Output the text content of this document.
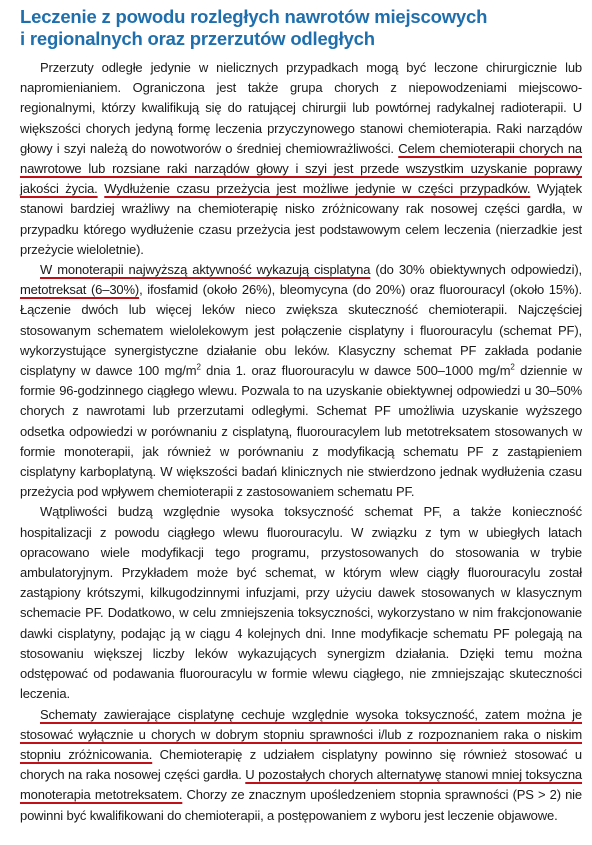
Leczenie z powodu rozległych nawrotów miejscowych
i regionalnych oraz przerzutów odległych

Przerzuty odległe jedynie w nielicznych przypadkach mogą być leczone chirurgicznie lub napromienianiem. Ograniczona jest także grupa chorych z niepowodzeniami miejscowo-regionalnymi, którzy kwalifikują się do ratującej chirurgii lub powtórnej radykalnej radioterapii. U większości chorych jedyną formę leczenia przyczynowego stanowi chemioterapia. Raki narządów głowy i szyi należą do nowotworów o średniej chemiowrażliwości. Celem chemioterapii chorych na nawrotowe lub rozsiane raki narządów głowy i szyi jest przede wszystkim uzyskanie poprawy jakości życia. Wydłużenie czasu przeżycia jest możliwe jedynie w części przypadków. Wyjątek stanowi bardziej wrażliwy na chemioterapię nisko zróżnicowany rak nosowej części gardła, w przypadku którego wydłużenie czasu przeżycia jest podstawowym celem leczenia (nierzadkie jest przeżycie wieloletnie).

W monoterapii najwyższą aktywność wykazują cisplatyna (do 30% obiektywnych odpowiedzi), metotreksat (6–30%), ifosfamid (około 26%), bleomycyna (do 20%) oraz fluorouracyl (około 15%). Łączenie dwóch lub więcej leków nieco zwiększa skuteczność chemioterapii. Najczęściej stosowanym schematem wielolekowym jest połączenie cisplatyny i fluorouracylu (schemat PF), wykorzystujące synergistyczne działanie obu leków. Klasyczny schemat PF zakłada podanie cisplatyny w dawce 100 $mg/m^2$ dnia 1. oraz fluorouracylu w dawce 500–1000 $mg/m^2$ dziennie w formie 96-godzinnego ciągłego wlewu. Pozwala to na uzyskanie obiektywnej odpowiedzi u 30–50% chorych z nawrotami lub przerzutami odległymi. Schemat PF umożliwia uzyskanie wyższego odsetka odpowiedzi w porównaniu z cisplatyną, fluorouracylem lub metotreksatem stosowanych w formie monoterapii, jak również w porównaniu z modyfikacją schematu PF z zastąpieniem cisplatyny karboplatyną. W większości badań klinicznych nie stwierdzono jednak wydłużenia czasu przeżycia pod wpływem chemioterapii z zastosowaniem schematu PF.

Wątpliwości budzą względnie wysoka toksyczność schemat PF, a także konieczność hospitalizacji z powodu ciągłego wlewu fluorouracylu. W związku z tym w ubiegłych latach opracowano wiele modyfikacji tego programu, przystosowanych do stosowania w trybie ambulatoryjnym. Przykładem może być schemat, w którym wlew ciągły fluorouracylu został zastąpiony krótszymi, kilkugodzinnymi infuzjami, przy użyciu dawek stosowanych w klasycznym schemacie PF. Dodatkowo, w celu zmniejszenia toksyczności, wykorzystano w nim frakcjonowanie dawki cisplatyny, podając ją w ciągu 4 kolejnych dni. Inne modyfikacje schematu PF polegają na stosowaniu większej liczby leków wykazujących synergizm działania. Dzięki temu można odstępować od podawania fluorouracylu w formie wlewu ciągłego, nie zmniejszając skuteczności leczenia.

Schematy zawierające cisplatynę cechuje względnie wysoka toksyczność, zatem można je stosować wyłącznie u chorych w dobrym stopniu sprawności i/lub z rozpoznaniem raka o niskim stopniu zróżnicowania. Chemioterapię z udziałem cisplatyny powinno się również stosować u chorych na raka nosowej części gardła. U pozostałych chorych alternatywę stanowi mniej toksyczna monoterapia metotreksatem. Chorzy ze znacznym upośledzeniem stopnia sprawności (PS > 2) nie powinni być kwalifikowani do chemioterapii, a postępowaniem z wyboru jest leczenie objawowe.
